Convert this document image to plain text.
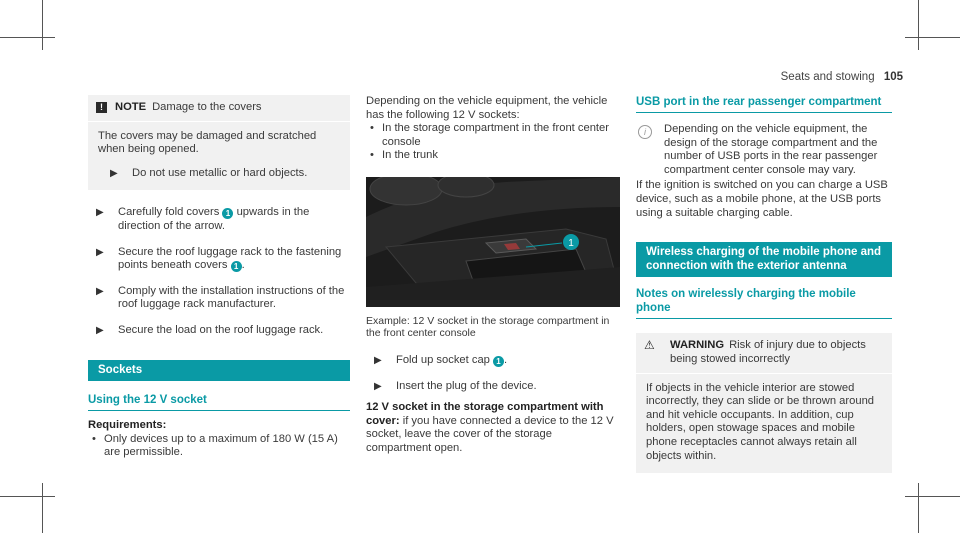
Seats and stowing 105
!	NOTE Damage to the covers

The covers may be damaged and scratched when being opened.

▶	Do not use metallic or hard objects.
▶	Carefully fold covers 1 upwards in the direction of the arrow.
▶	Secure the roof luggage rack to the fastening points beneath covers 1 .
▶	Comply with the installation instructions of the roof luggage rack manufacturer.
▶	Secure the load on the roof luggage rack.
Sockets
Using the 12 V socket
Requirements:
• Only devices up to a maximum of 180 W (15 A) are permissible.
Depending on the vehicle equipment, the vehicle has the following 12 V sockets:
• In the storage compartment in the front center console
• In the trunk
1
Example: 12 V socket in the storage compartment in the front center console
▶	Fold up socket cap 1 .
▶	Insert the plug of the device.
12 V socket in the storage compartment with cover: if you have connected a device to the 12 V socket, leave the cover of the storage compartment open.
USB port in the rear passenger compartment
i	Depending on the vehicle equipment, the design of the storage compartment and the number of USB ports in the rear passenger compartment center console may vary.
If the ignition is switched on you can charge a USB device, such as a mobile phone, at the USB ports using a suitable charging cable.
Wireless charging of the mobile phone and connection with the exterior antenna
Notes on wirelessly charging the mobile phone
⚠	WARNING Risk of injury due to objects being stowed incorrectly
If objects in the vehicle interior are stowed incorrectly, they can slide or be thrown around and hit vehicle occupants. In addition, cup holders, open stowage spaces and mobile phone receptacles cannot always retain all objects within.
